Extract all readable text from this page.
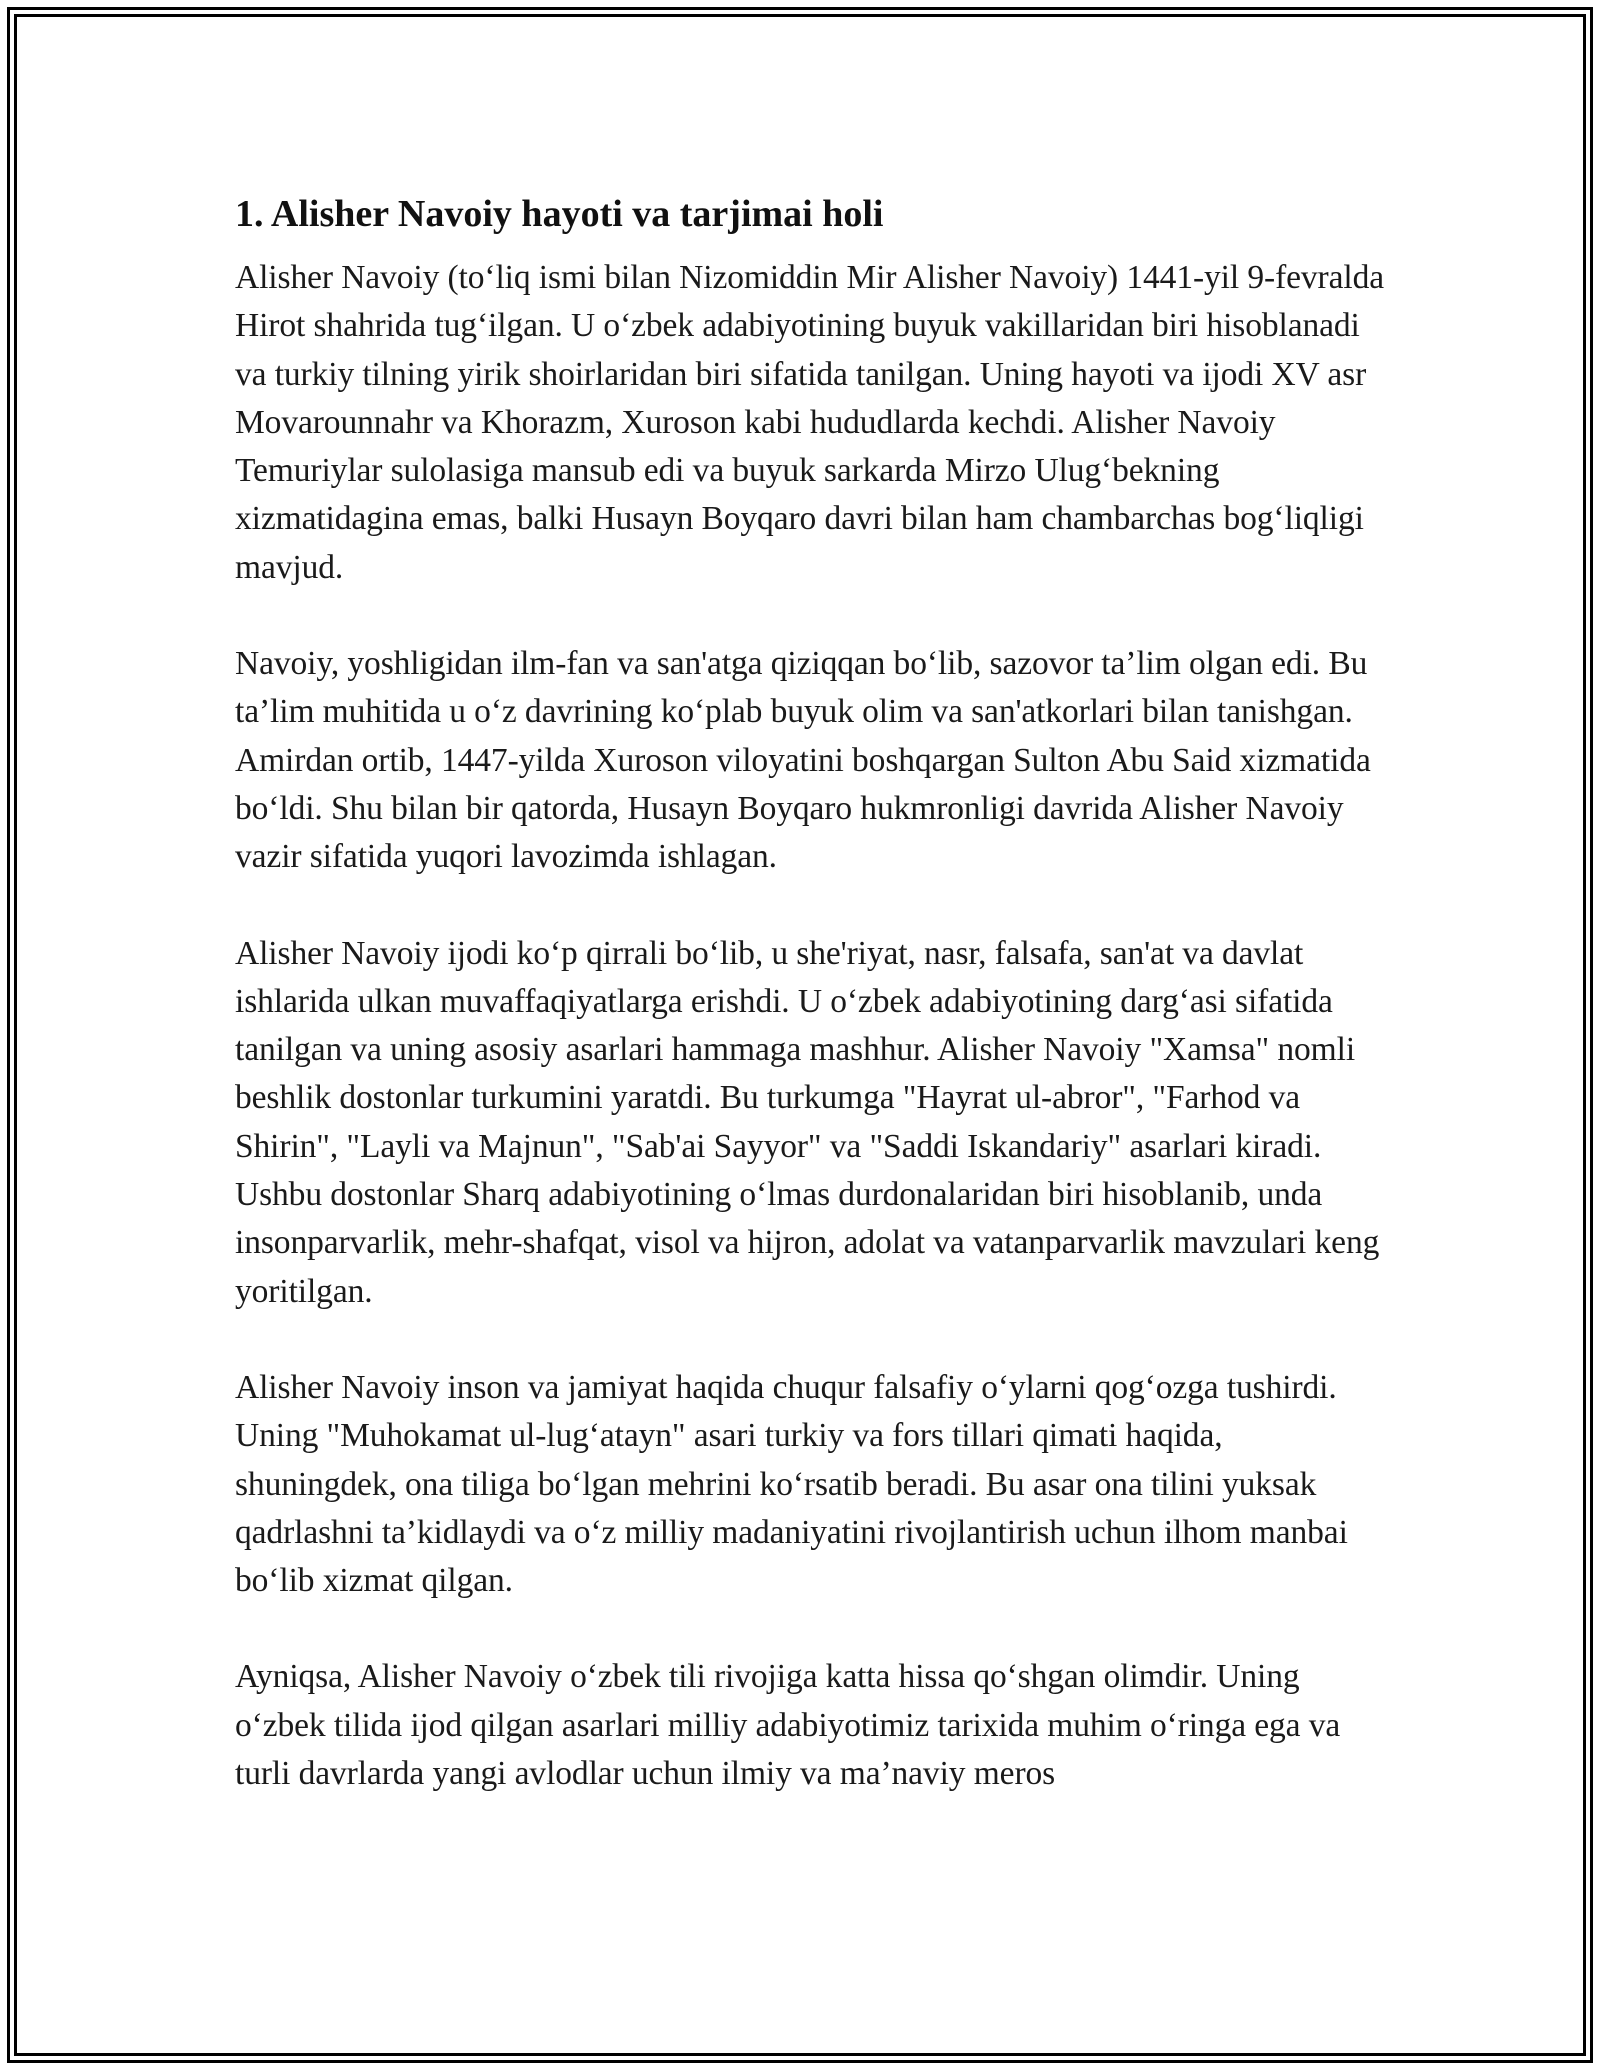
1. Alisher Navoiy hayoti va tarjimai holi

Alisher Navoiy (to‘liq ismi bilan Nizomiddin Mir Alisher Navoiy) 1441-yil 9-fevralda Hirot shahrida tug‘ilgan. U o‘zbek adabiyotining buyuk vakillaridan biri hisoblanadi va turkiy tilning yirik shoirlaridan biri sifatida tanilgan. Uning hayoti va ijodi XV asr Movarounnahr va Khorazm, Xuroson kabi hududlarda kechdi. Alisher Navoiy Temuriylar sulolasiga mansub edi va buyuk sarkarda Mirzo Ulug‘bekning xizmatidagina emas, balki Husayn Boyqaro davri bilan ham chambarchas bog‘liqligi mavjud.

Navoiy, yoshligidan ilm-fan va san'atga qiziqqan bo‘lib, sazovor ta’lim olgan edi. Bu ta’lim muhitida u o‘z davrining ko‘plab buyuk olim va san'atkorlari bilan tanishgan. Amirdan ortib, 1447-yilda Xuroson viloyatini boshqargan Sulton Abu Said xizmatida bo‘ldi. Shu bilan bir qatorda, Husayn Boyqaro hukmronligi davrida Alisher Navoiy vazir sifatida yuqori lavozimda ishlagan.

Alisher Navoiy ijodi ko‘p qirrali bo‘lib, u she'riyat, nasr, falsafa, san'at va davlat ishlarida ulkan muvaffaqiyatlarga erishdi. U o‘zbek adabiyotining darg‘asi sifatida tanilgan va uning asosiy asarlari hammaga mashhur. Alisher Navoiy "Xamsa" nomli beshlik dostonlar turkumini yaratdi. Bu turkumga "Hayrat ul-abror", "Farhod va Shirin", "Layli va Majnun", "Sab'ai Sayyor" va "Saddi Iskandariy" asarlari kiradi. Ushbu dostonlar Sharq adabiyotining o‘lmas durdonalaridan biri hisoblanib, unda insonparvarlik, mehr-shafqat, visol va hijron, adolat va vatanparvarlik mavzulari keng yoritilgan.

Alisher Navoiy inson va jamiyat haqida chuqur falsafiy o‘ylarni qog‘ozga tushirdi. Uning "Muhokamat ul-lug‘atayn" asari turkiy va fors tillari qimati haqida, shuningdek, ona tiliga bo‘lgan mehrini ko‘rsatib beradi. Bu asar ona tilini yuksak qadrlashni ta’kidlaydi va o‘z milliy madaniyatini rivojlantirish uchun ilhom manbai bo‘lib xizmat qilgan.

Ayniqsa, Alisher Navoiy o‘zbek tili rivojiga katta hissa qo‘shgan olimdir. Uning o‘zbek tilida ijod qilgan asarlari milliy adabiyotimiz tarixida muhim o‘ringa ega va turli davrlarda yangi avlodlar uchun ilmiy va ma’naviy meros
